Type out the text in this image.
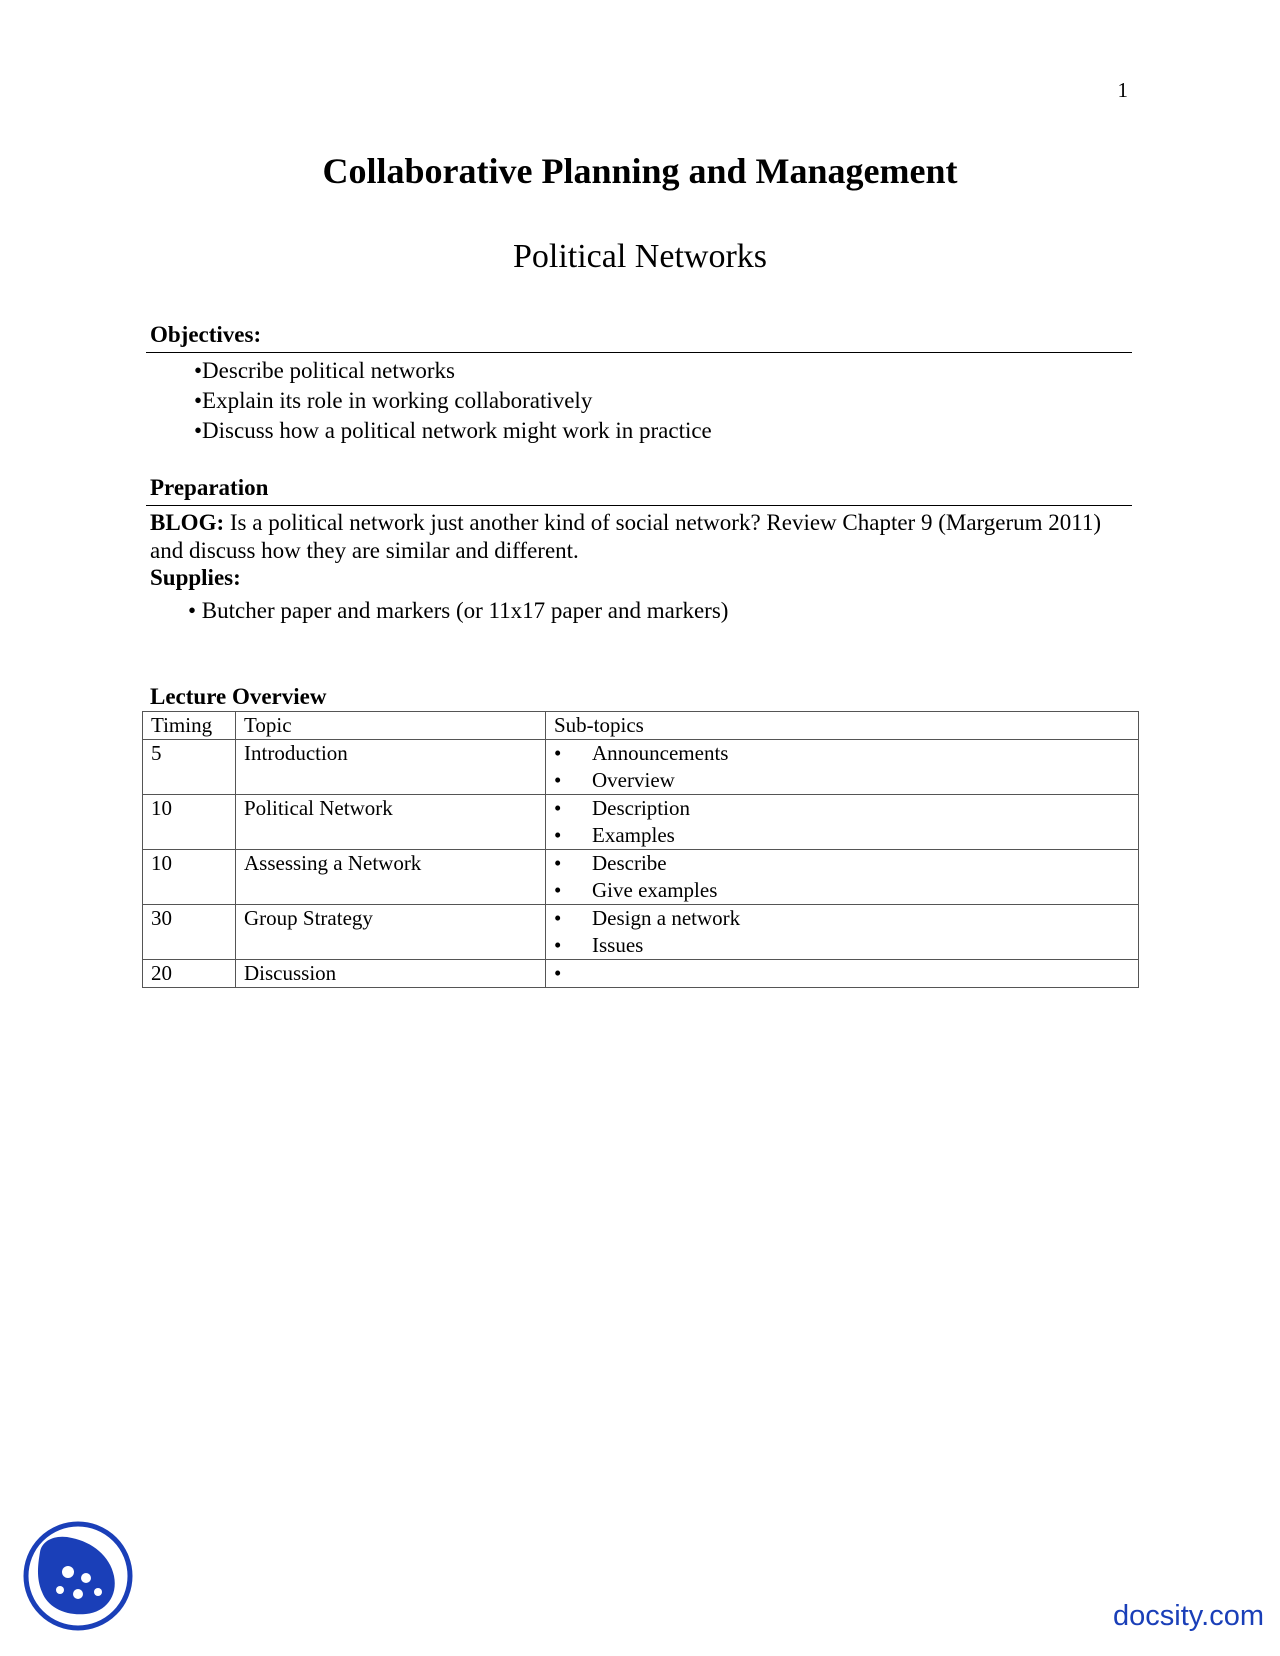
1
Collaborative Planning and Management
Political Networks
Objectives:
•Describe political networks
•Explain its role in working collaboratively
•Discuss how a political network might work in practice
Preparation
BLOG: Is a political network just another kind of social network? Review Chapter 9 (Margerum 2011) and discuss how they are similar and different.
Supplies:
• Butcher paper and markers (or 11x17 paper and markers)
Lecture Overview
Timing	Topic	Sub-topics
5	Introduction	• Announcements
• Overview

10	Political Network	• Description
• Examples

10	Assessing a Network	• Describe
• Give examples

30	Group Strategy	• Design a network
• Issues

20	Discussion	•
docsity.com
